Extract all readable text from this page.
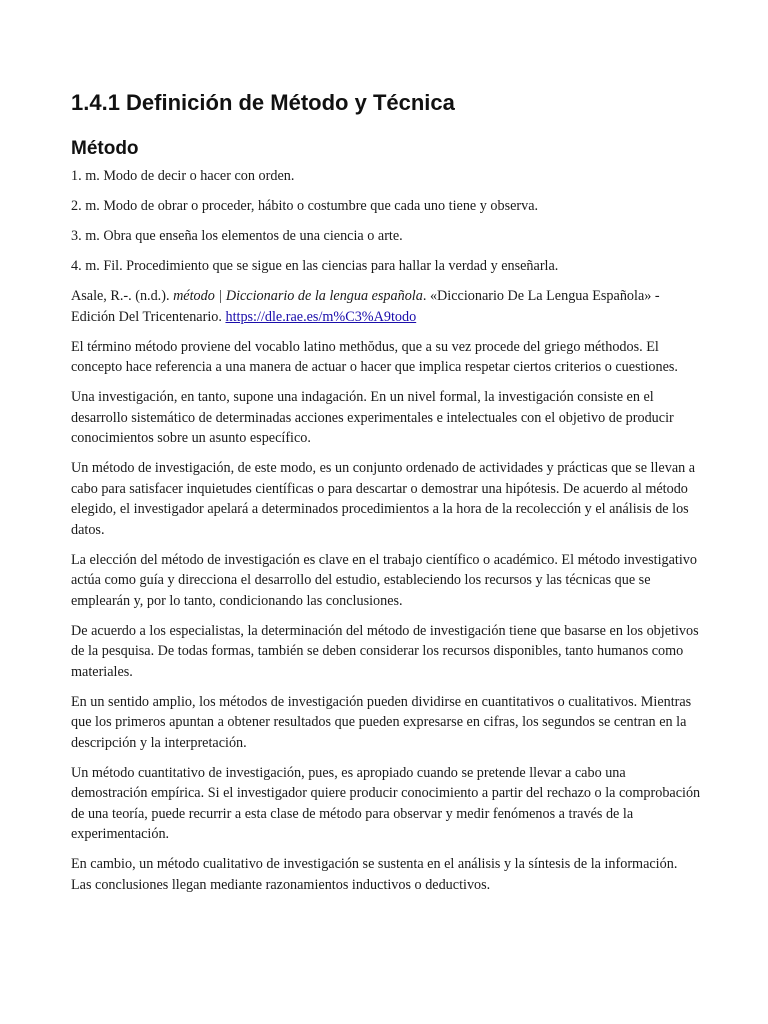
1.4.1 Definición de Método y Técnica
Método

1. m. Modo de decir o hacer con orden.

2. m. Modo de obrar o proceder, hábito o costumbre que cada uno tiene y observa.

3. m. Obra que enseña los elementos de una ciencia o arte.

4. m. Fil. Procedimiento que se sigue en las ciencias para hallar la verdad y enseñarla.

Asale, R.-. (n.d.). método | Diccionario de la lengua española. «Diccionario De La Lengua Española» - Edición Del Tricentenario. https://dle.rae.es/m%C3%A9todo

El término método proviene del vocablo latino methŏdus, que a su vez procede del griego méthodos. El concepto hace referencia a una manera de actuar o hacer que implica respetar ciertos criterios o cuestiones.

Una investigación, en tanto, supone una indagación. En un nivel formal, la investigación consiste en el desarrollo sistemático de determinadas acciones experimentales e intelectuales con el objetivo de producir conocimientos sobre un asunto específico.

Un método de investigación, de este modo, es un conjunto ordenado de actividades y prácticas que se llevan a cabo para satisfacer inquietudes científicas o para descartar o demostrar una hipótesis. De acuerdo al método elegido, el investigador apelará a determinados procedimientos a la hora de la recolección y el análisis de los datos.

La elección del método de investigación es clave en el trabajo científico o académico. El método investigativo actúa como guía y direcciona el desarrollo del estudio, estableciendo los recursos y las técnicas que se emplearán y, por lo tanto, condicionando las conclusiones.

De acuerdo a los especialistas, la determinación del método de investigación tiene que basarse en los objetivos de la pesquisa. De todas formas, también se deben considerar los recursos disponibles, tanto humanos como materiales.

En un sentido amplio, los métodos de investigación pueden dividirse en cuantitativos o cualitativos. Mientras que los primeros apuntan a obtener resultados que pueden expresarse en cifras, los segundos se centran en la descripción y la interpretación.

Un método cuantitativo de investigación, pues, es apropiado cuando se pretende llevar a cabo una demostración empírica. Si el investigador quiere producir conocimiento a partir del rechazo o la comprobación de una teoría, puede recurrir a esta clase de método para observar y medir fenómenos a través de la experimentación.

En cambio, un método cualitativo de investigación se sustenta en el análisis y la síntesis de la información. Las conclusiones llegan mediante razonamientos inductivos o deductivos.
